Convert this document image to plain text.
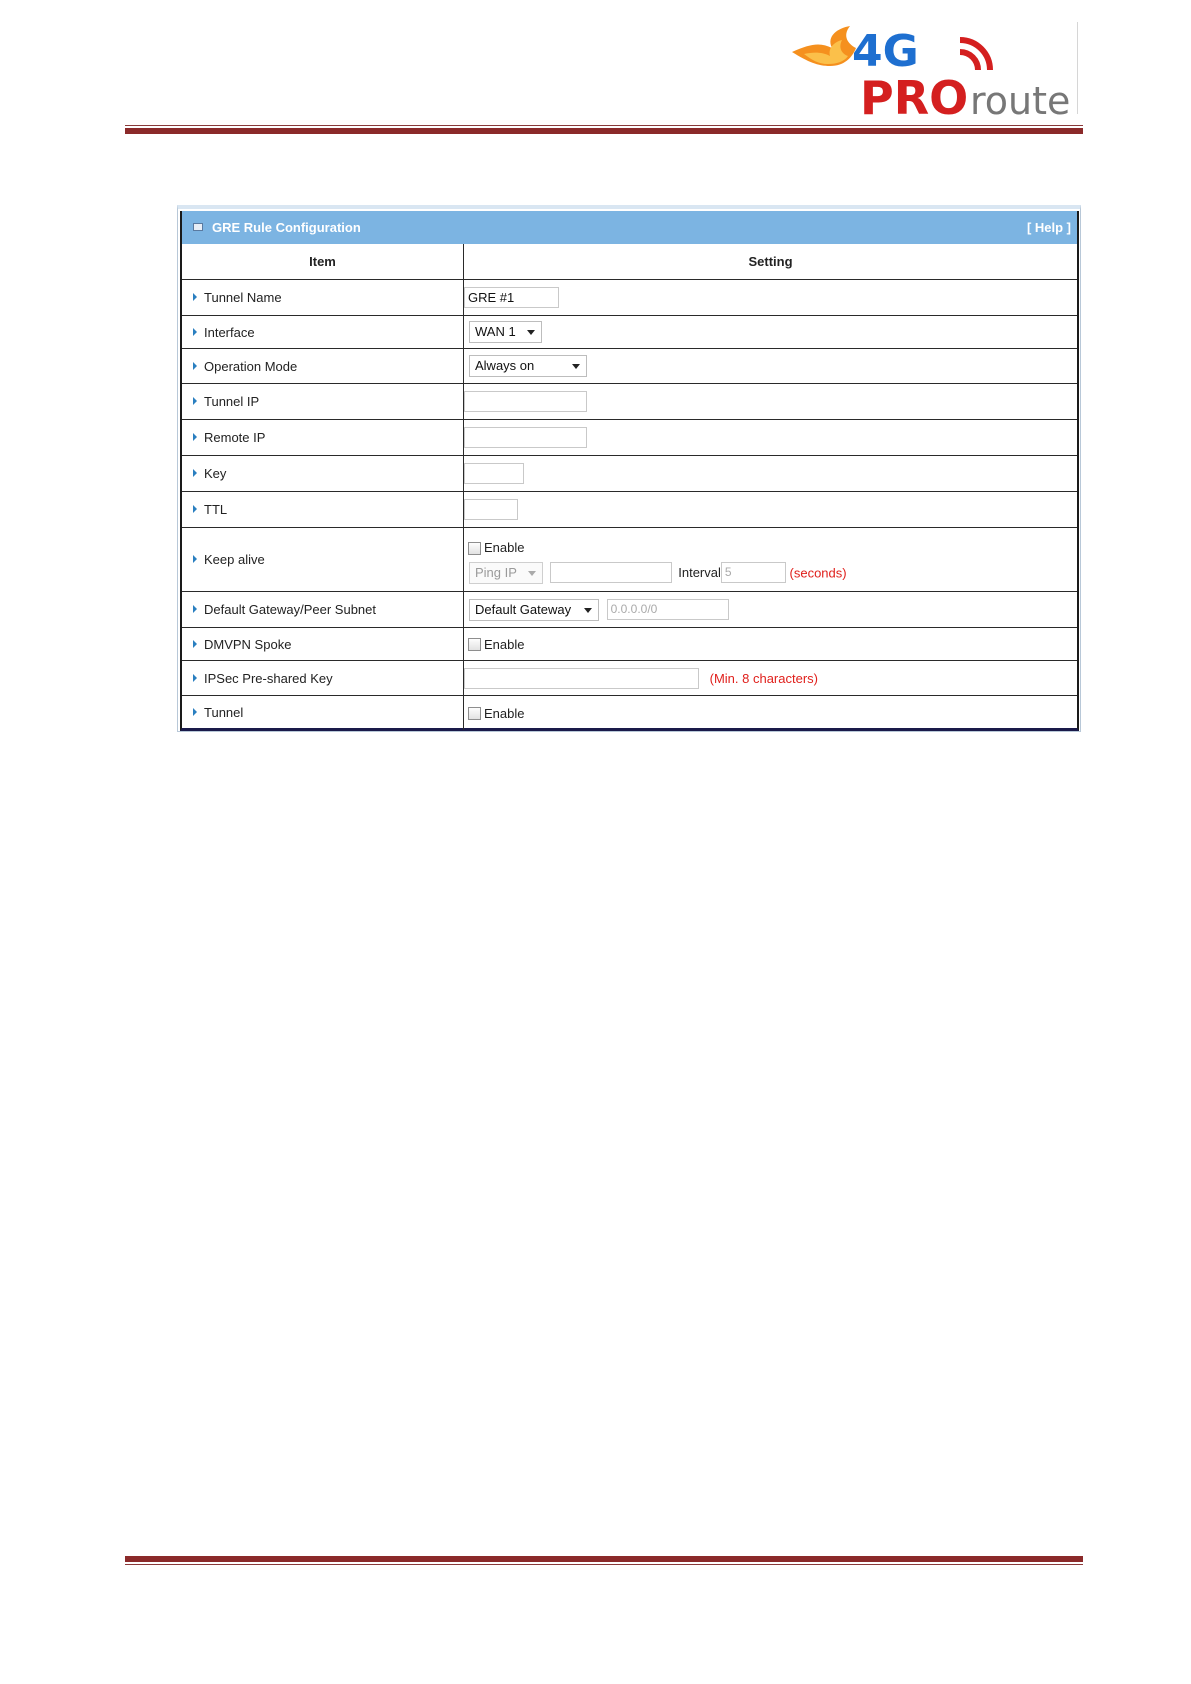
4G
PRO route
GRE Rule Configuration	[ Help ]
Item	Setting
Tunnel Name	GRE #1
Interface	WAN 1

Operation Mode	Always on

Tunnel IP	
Remote IP	
Key	
TTL	
Keep alive	Enable
Ping IP Interval 5 (seconds)

Default Gateway/Peer Subnet	Default Gateway 0.0.0.0/0
DMVPN Spoke	Enable
IPSec Pre-shared Key	(Min. 8 characters)
Tunnel	Enable
